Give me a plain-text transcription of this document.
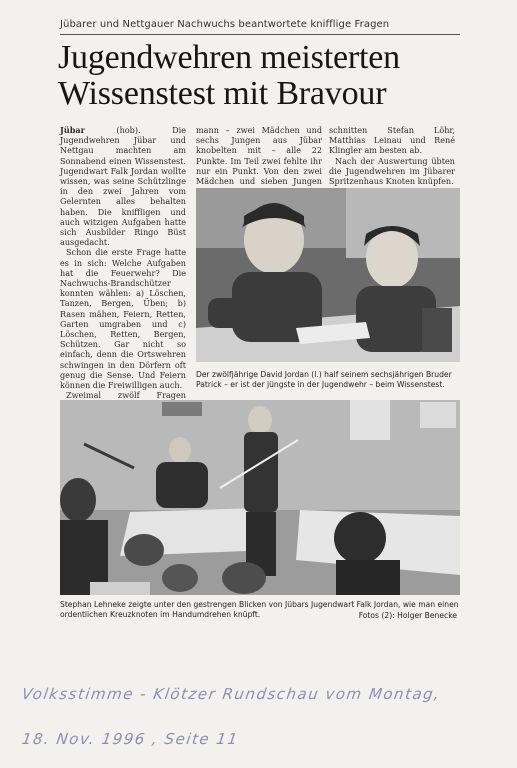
Jübarer und Nettgauer Nachwuchs beantwortete knifflige Fragen
Jugendwehren meisterten
Wissenstest mit Bravour

Jübar (hob). Die Jugendwehren Jübar und Nettgau machten am Sonnabend einen Wissenstest. Jugendwart Falk Jordan wollte wissen, was seine Schützlinge in den zwei Jahren vom Gelernten alles behalten haben. Die kniffligen und auch witzigen Aufgaben hatte sich Ausbilder Ringo Büst ausgedacht.

Schon die erste Frage hatte es in sich: Welche Aufgaben hat die Feuerwehr? Die Nachwuchs-Brandschützer konnten wählen: a) Löschen, Tanzen, Bergen, Üben; b) Rasen mähen, Feiern, Retten, Garten umgraben und c) Löschen, Retten, Bergen, Schützen. Gar nicht so einfach, denn die Ortswehren schwingen in den Dörfern oft genug die Sense. Und Feiern können die Freiwilligen auch.

Zweimal zwölf Fragen

mann – zwei Mädchen und sechs Jungen aus Jübar knobelten mit – alle 22 Punkte. Im Teil zwei fehlte ihr nur ein Punkt. Von den zwei Mädchen und sieben Jungen

schnitten Stefan Löhr, Matthias Leinau und René Klingler am besten ab.

Nach der Auswertung übten die Jugendwehren im Jübarer Spritzenhaus Knoten knüpfen.

Der zwölfjährige David Jordan (l.) half seinem sechsjährigen Bruder Patrick – er ist der jüngste in der Jugendwehr – beim Wissenstest.
Stephan Lehneke zeigte unter den gestrengen Blicken von Jübars Jugendwart Falk Jordan, wie man einen ordentlichen Kreuzknoten im Handumdrehen knüpft.	Fotos (2): Holger Benecke
Volksstimme - Klötzer Rundschau vom Montag,
18. Nov. 1996 , Seite 11
